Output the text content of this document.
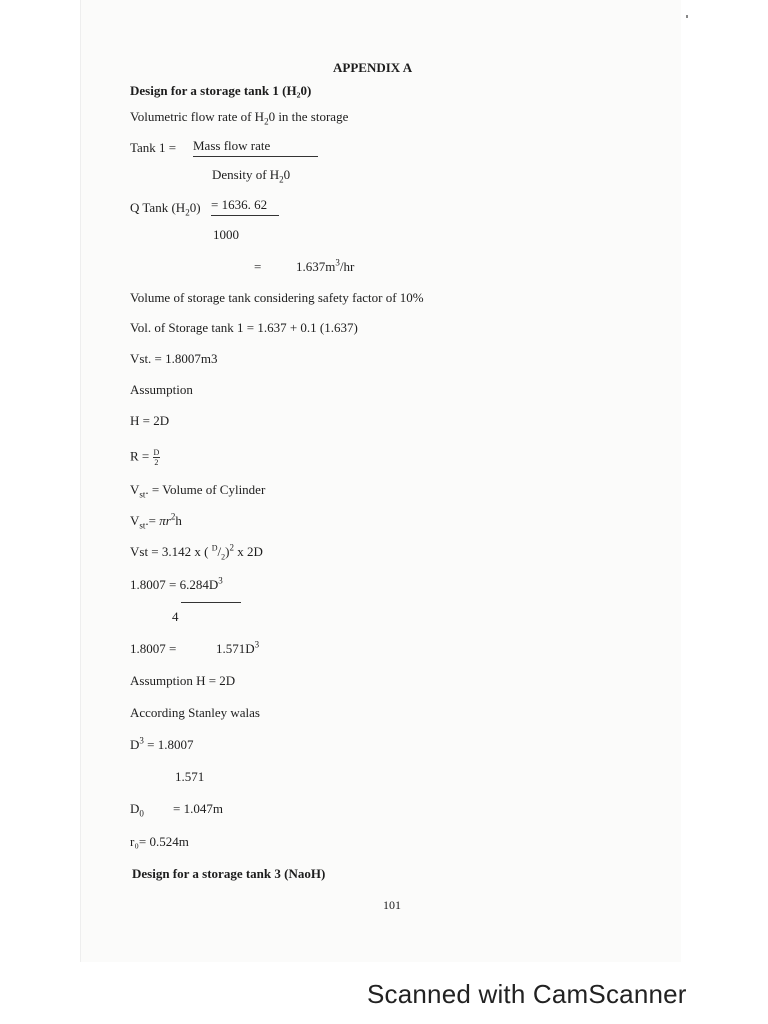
APPENDIX A
Design for a storage tank 1 (H₂0)
Volumetric flow rate of $H_20$ in the storage
Tank 1 = Mass flow rate
Density of $H_20$
Q Tank $(H_20) = 1636$. 62
1000
=	$1.637m^3/hr$
Volume of storage tank considering safety factor of 10%
Vol. of Storage tank 1 = 1.637 + 0.1 (1.637)
Vst. = 1.8007m3
Assumption
H = 2D
$R = \frac{D}{2}$
$V_{st}$. = Volume of Cylinder
$V_{st}.= \pi r^2h$
Vst = 3.142 x ( $^D/_2)^2$ x 2D
$1.8007 = 6.284D^3$
4
1.8007 =	$1.571D^3$
Assumption H = 2D
According Stanley walas
$D^3 = 1.8007$
1.571
$D_0 = 1.047m$
r₀= 0.524m
Design for a storage tank 3 (NaoH)
101
Scanned with CamScanner
